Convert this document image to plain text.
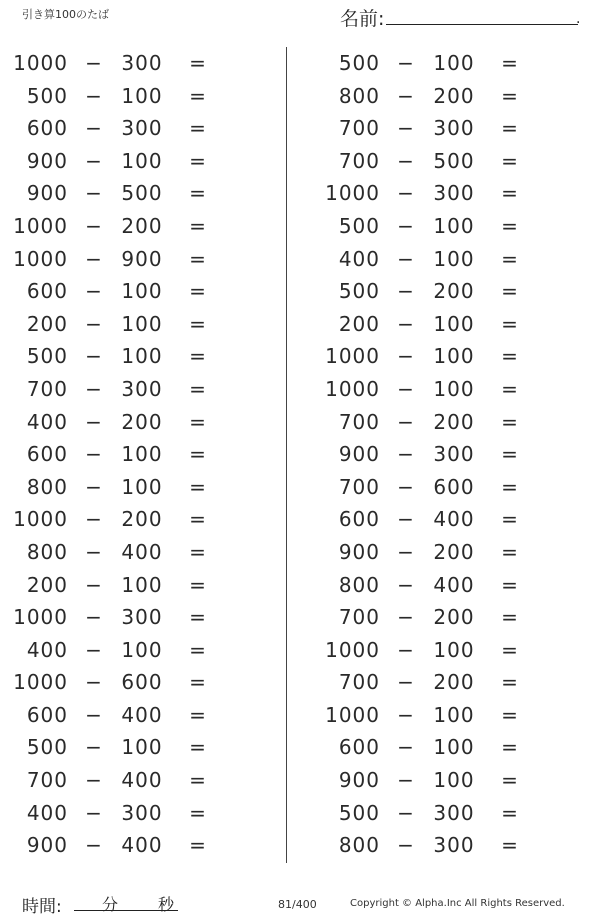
引き算100のたば	名前:	.
1000 − 300	=
500 − 100	=
600 − 300	=
900 − 100	=
900 − 500	=
1000 − 200	=
1000 − 900	=
600 − 100	=
200 − 100	=
500 − 100	=
700 − 300	=
400 − 200	=
600 − 100	=
800 − 100	=
1000 − 200	=
800 − 400	=
200 − 100	=
1000 − 300	=
400 − 100	=
1000 − 600	=
600 − 400	=
500 − 100	=
700 − 400	=
400 − 300	=
900 − 400	=
500 − 100	=
800 − 200	=
700 − 300	=
700 − 500	=
1000 − 300	=
500 − 100	=
400 − 100	=
500 − 200	=
200 − 100	=
1000 − 100	=
1000 − 100	=
700 − 200	=
900 − 300	=
700 − 600	=
600 − 400	=
900 − 200	=
800 − 400	=
700 − 200	=
1000 − 100	=
700 − 200	=
1000 − 100	=
600 − 100	=
900 − 100	=
500 − 300	=
800 − 300	=
時間:	分 秒	81/400	Copyright © Alpha.Inc All Rights Reserved.
